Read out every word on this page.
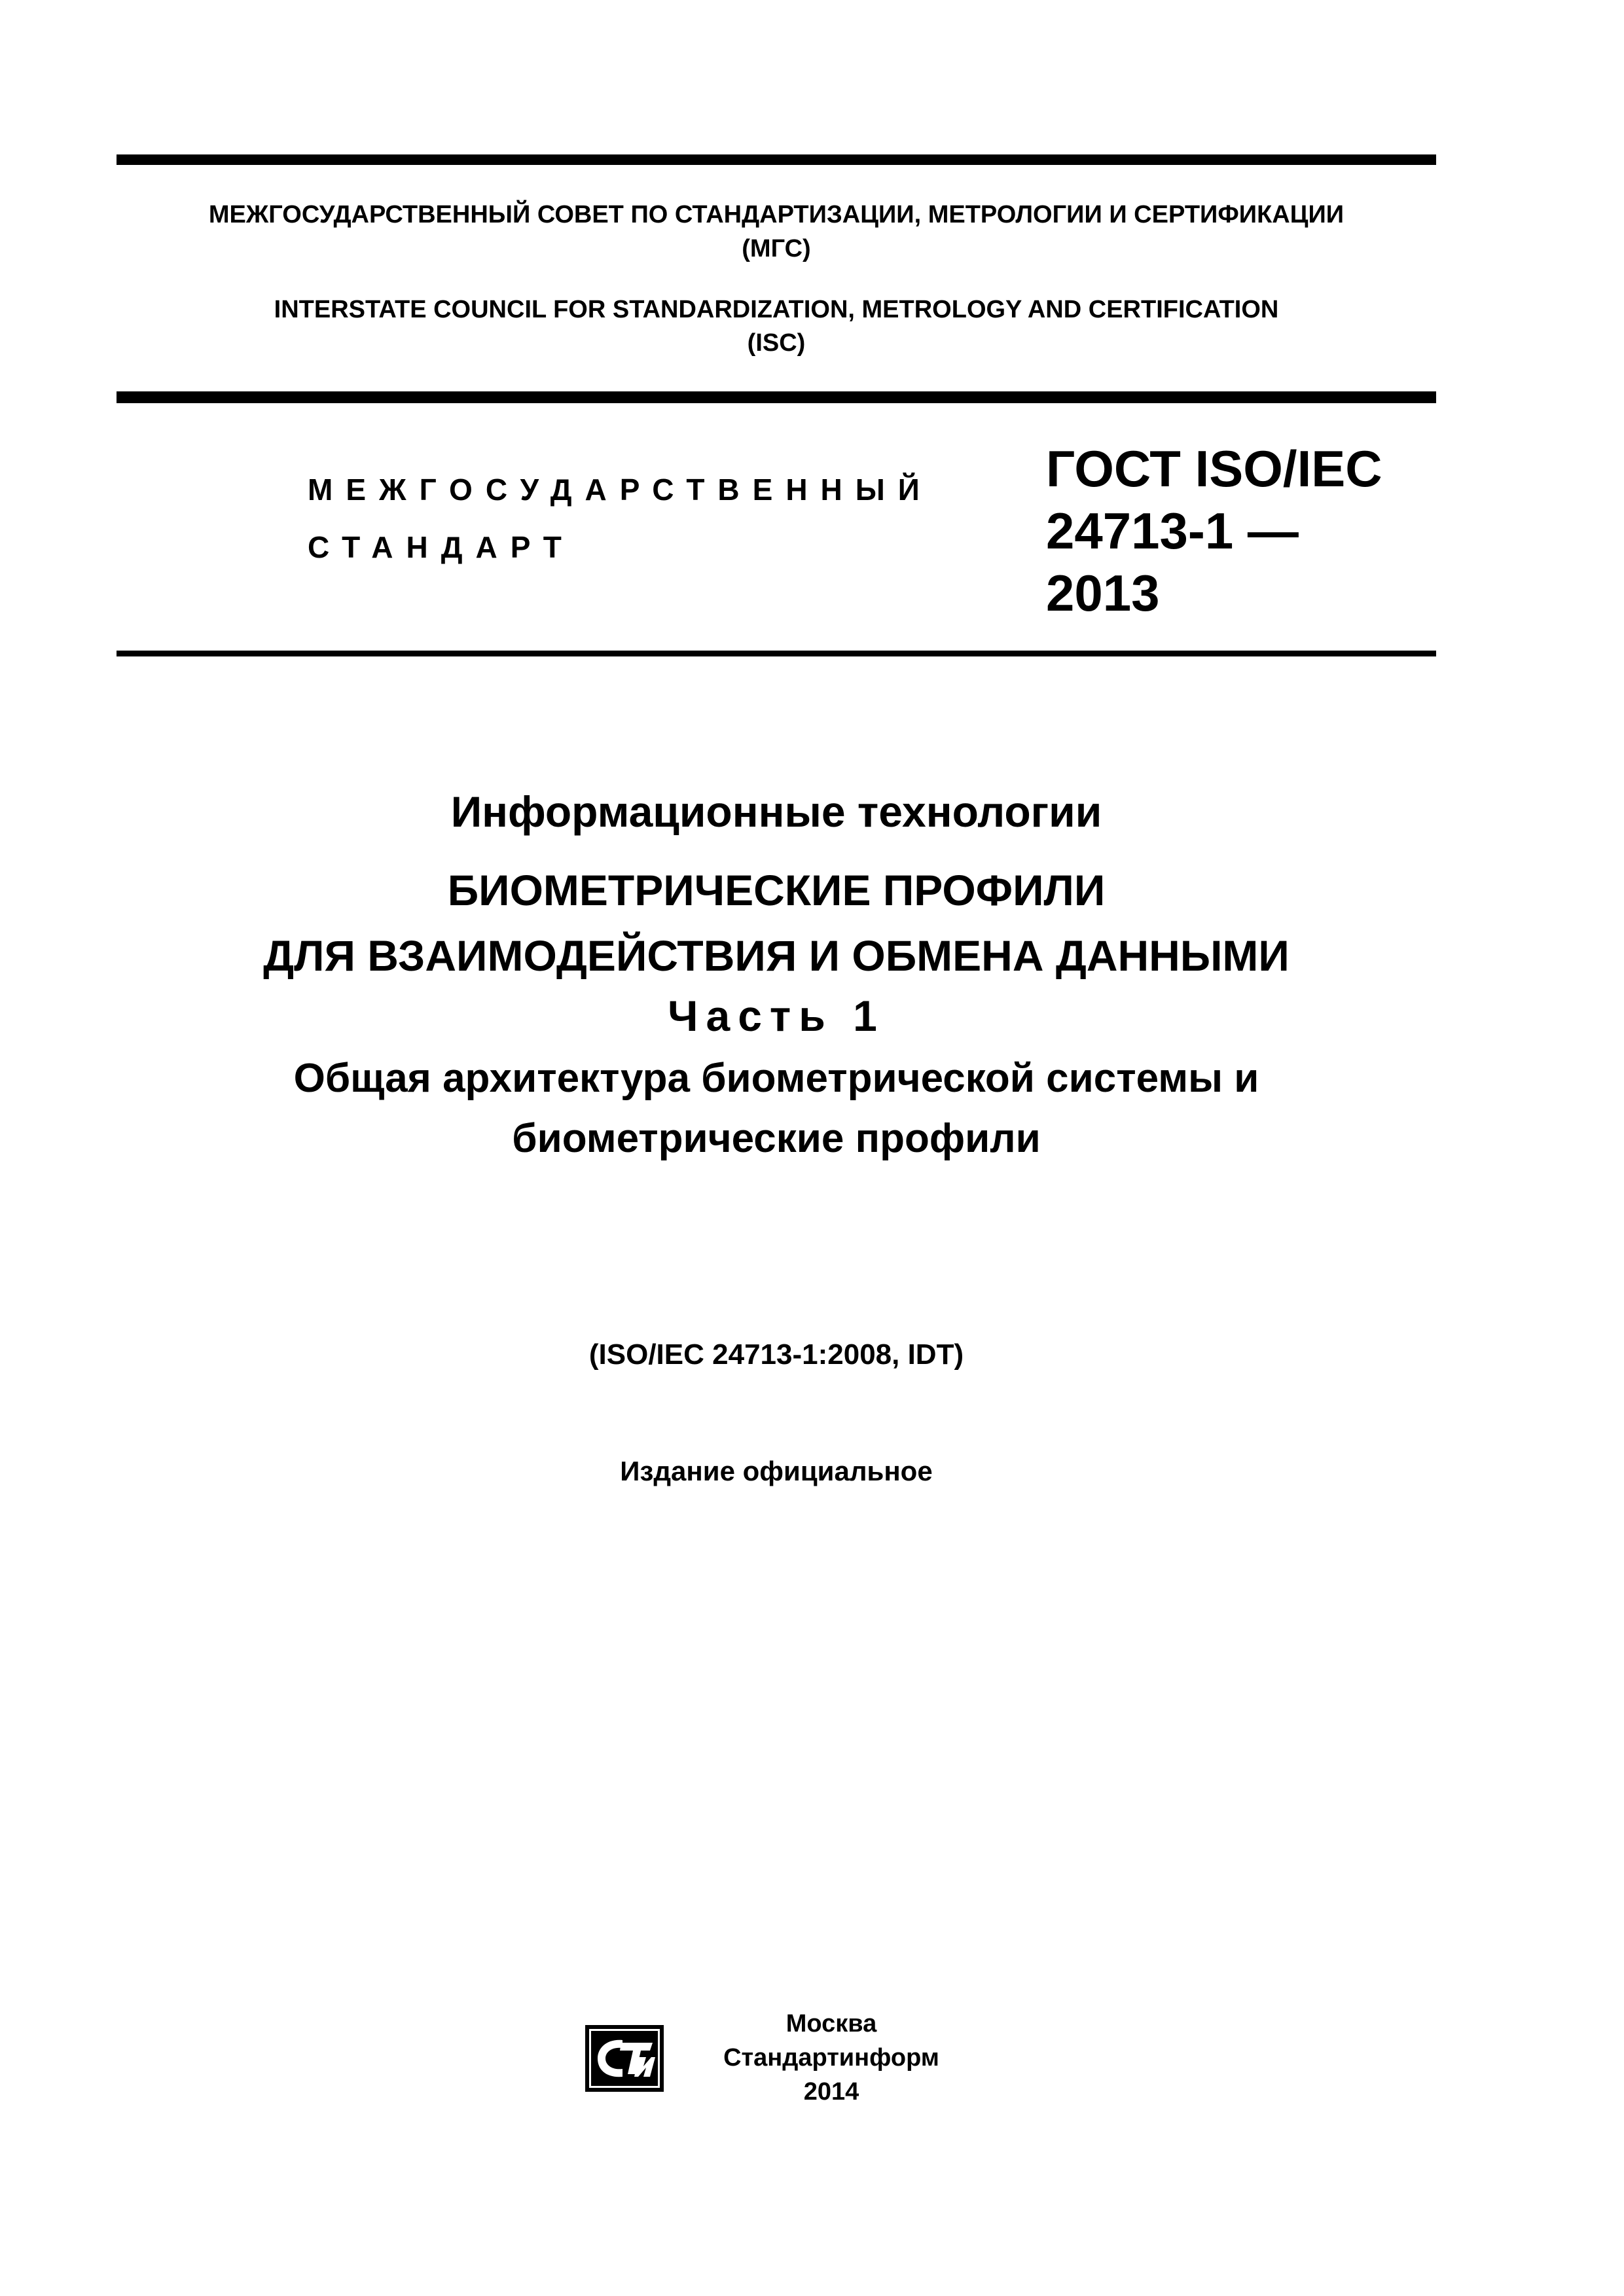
МЕЖГОСУДАРСТВЕННЫЙ СОВЕТ ПО СТАНДАРТИЗАЦИИ, МЕТРОЛОГИИ И СЕРТИФИКАЦИИ
(МГС)
INTERSTATE COUNCIL FOR STANDARDIZATION, METROLOGY AND CERTIFICATION
(ISC)
МЕЖГОСУДАРСТВЕННЫЙ
СТАНДАРТ
ГОСТ ISO/IEC
24713-1 —
2013
Информационные технологии
БИОМЕТРИЧЕСКИЕ ПРОФИЛИ
ДЛЯ ВЗАИМОДЕЙСТВИЯ И ОБМЕНА ДАННЫМИ
Часть 1
Общая архитектура биометрической системы и
биометрические профили
(ISO/IEC 24713-1:2008, IDT)
Издание официальное
Москва
Стандартинформ
2014
